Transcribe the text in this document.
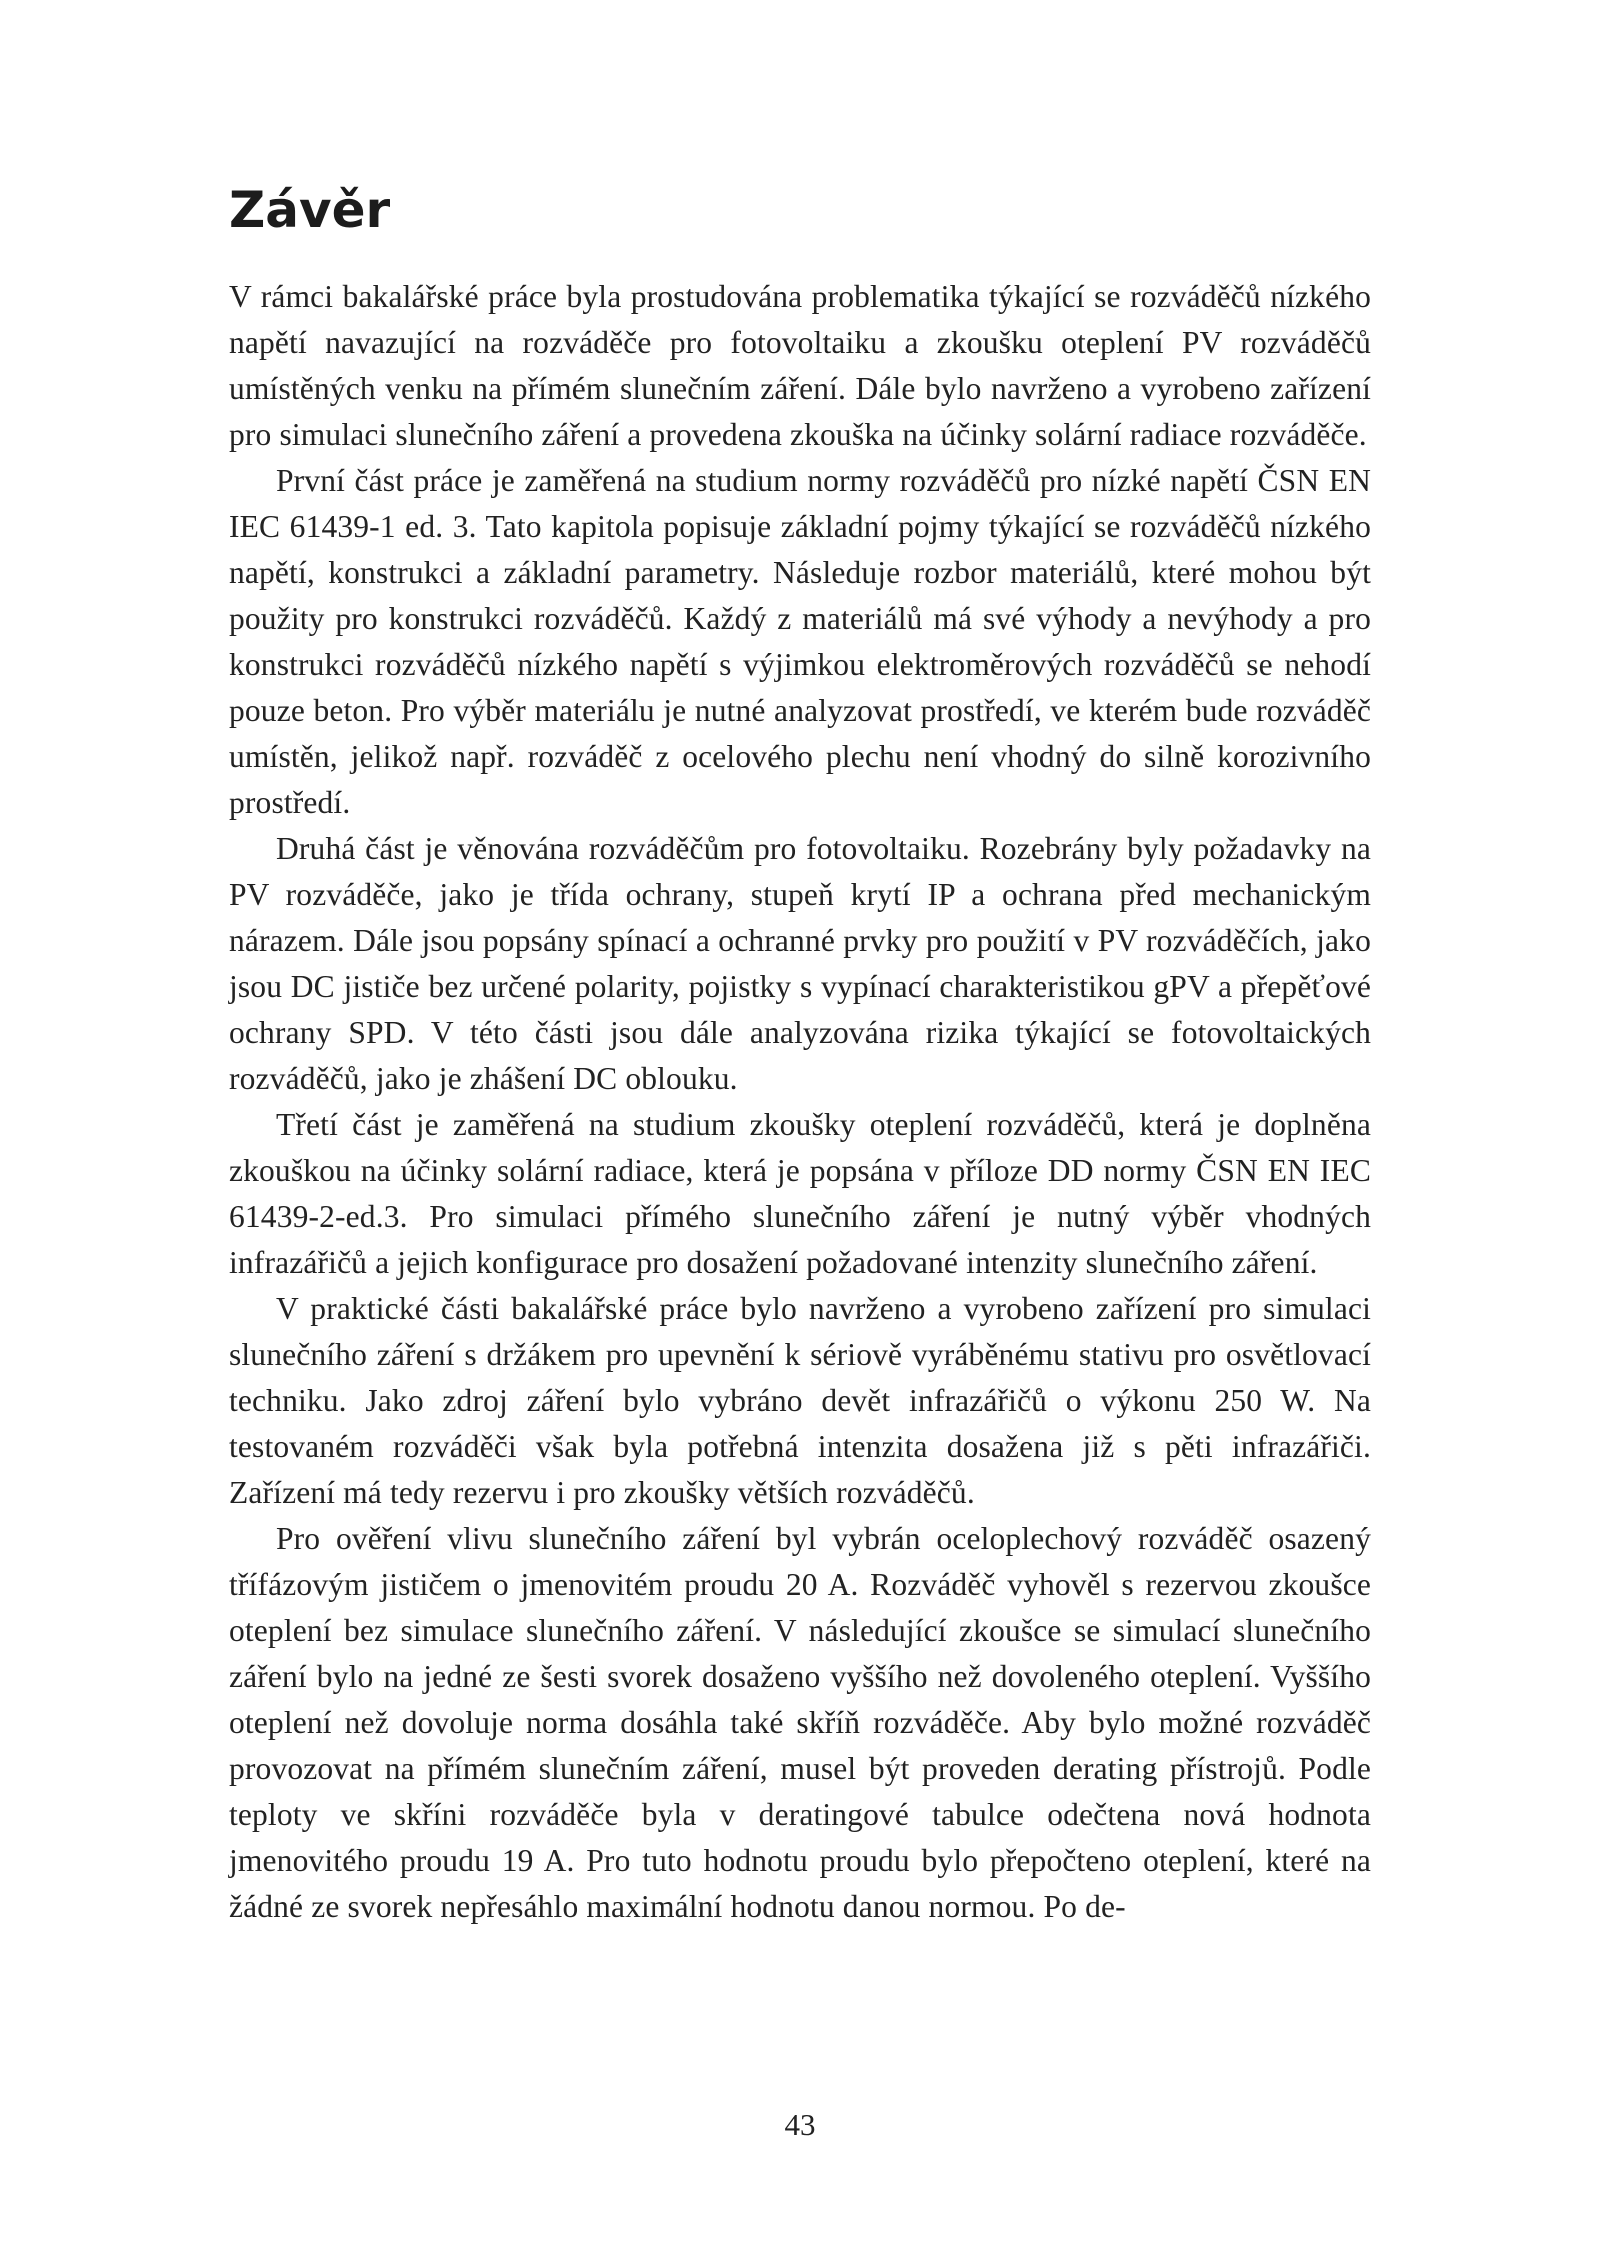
Závěr

V rámci bakalářské práce byla prostudována problematika týkající se rozváděčů nízkého napětí navazující na rozváděče pro fotovoltaiku a zkoušku oteplení PV rozváděčů umístěných venku na přímém slunečním záření. Dále bylo navrženo a vyrobeno zařízení pro simulaci slunečního záření a provedena zkouška na účinky solární radiace rozváděče.

První část práce je zaměřená na studium normy rozváděčů pro nízké napětí ČSN EN IEC 61439-1 ed. 3. Tato kapitola popisuje základní pojmy týkající se rozváděčů nízkého napětí, konstrukci a základní parametry. Následuje rozbor materiálů, které mohou být použity pro konstrukci rozváděčů. Každý z materiálů má své výhody a nevýhody a pro konstrukci rozváděčů nízkého napětí s výjimkou elektroměrových rozváděčů se nehodí pouze beton. Pro výběr materiálu je nutné analyzovat prostředí, ve kterém bude rozváděč umístěn, jelikož např. rozváděč z ocelového plechu není vhodný do silně korozivního prostředí.

Druhá část je věnována rozváděčům pro fotovoltaiku. Rozebrány byly požadavky na PV rozváděče, jako je třída ochrany, stupeň krytí IP a ochrana před mechanickým nárazem. Dále jsou popsány spínací a ochranné prvky pro použití v PV rozváděčích, jako jsou DC jističe bez určené polarity, pojistky s vypínací charakteristikou gPV a přepěťové ochrany SPD. V této části jsou dále analyzována rizika týkající se fotovoltaických rozváděčů, jako je zhášení DC oblouku.

Třetí část je zaměřená na studium zkoušky oteplení rozváděčů, která je doplněna zkouškou na účinky solární radiace, která je popsána v příloze DD normy ČSN EN IEC 61439-2-ed.3. Pro simulaci přímého slunečního záření je nutný výběr vhodných infrazářičů a jejich konfigurace pro dosažení požadované intenzity slunečního záření.

V praktické části bakalářské práce bylo navrženo a vyrobeno zařízení pro simulaci slunečního záření s držákem pro upevnění k sériově vyráběnému stativu pro osvětlovací techniku. Jako zdroj záření bylo vybráno devět infrazářičů o výkonu 250 W. Na testovaném rozváděči však byla potřebná intenzita dosažena již s pěti infrazářiči. Zařízení má tedy rezervu i pro zkoušky větších rozváděčů.

Pro ověření vlivu slunečního záření byl vybrán oceloplechový rozváděč osazený třífázovým jističem o jmenovitém proudu 20 A. Rozváděč vyhověl s rezervou zkoušce oteplení bez simulace slunečního záření. V následující zkoušce se simulací slunečního záření bylo na jedné ze šesti svorek dosaženo vyššího než dovoleného oteplení. Vyššího oteplení než dovoluje norma dosáhla také skříň rozváděče. Aby bylo možné rozváděč provozovat na přímém slunečním záření, musel být proveden derating přístrojů. Podle teploty ve skříni rozváděče byla v deratingové tabulce odečtena nová hodnota jmenovitého proudu 19 A. Pro tuto hodnotu proudu bylo přepočteno oteplení, které na žádné ze svorek nepřesáhlo maximální hodnotu danou normou. Po de-

43
